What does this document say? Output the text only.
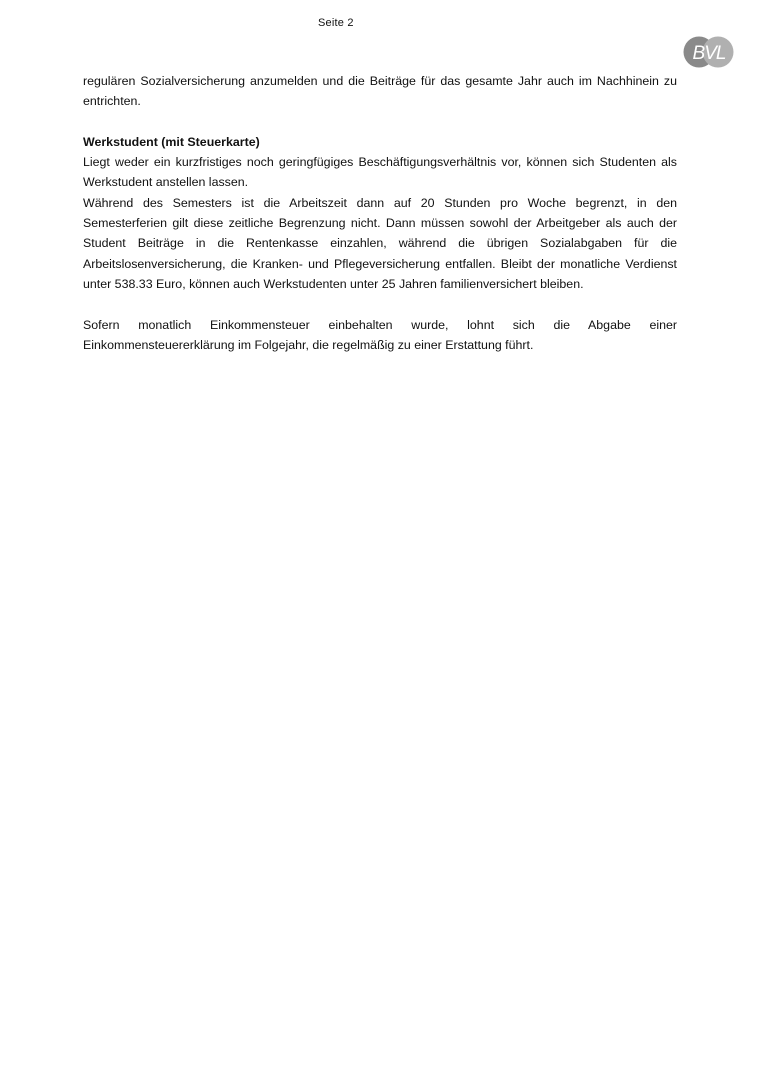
Seite 2
BVL

regulären Sozialversicherung anzumelden und die Beiträge für das gesamte Jahr auch im Nachhinein zu entrichten.

Werkstudent (mit Steuerkarte)

Liegt weder ein kurzfristiges noch geringfügiges Beschäftigungsverhältnis vor, können sich Studenten als Werkstudent anstellen lassen.

Während des Semesters ist die Arbeitszeit dann auf 20 Stunden pro Woche begrenzt, in den Semesterferien gilt diese zeitliche Begrenzung nicht. Dann müssen sowohl der Arbeitgeber als auch der Student Beiträge in die Rentenkasse einzahlen, während die übrigen Sozialabgaben für die Arbeitslosenversicherung, die Kranken- und Pflegeversicherung entfallen. Bleibt der monatliche Verdienst unter 538.33 Euro, können auch Werkstudenten unter 25 Jahren familienversichert bleiben.

Sofern monatlich Einkommensteuer einbehalten wurde, lohnt sich die Abgabe einer Einkommensteuererklärung im Folgejahr, die regelmäßig zu einer Erstattung führt.
